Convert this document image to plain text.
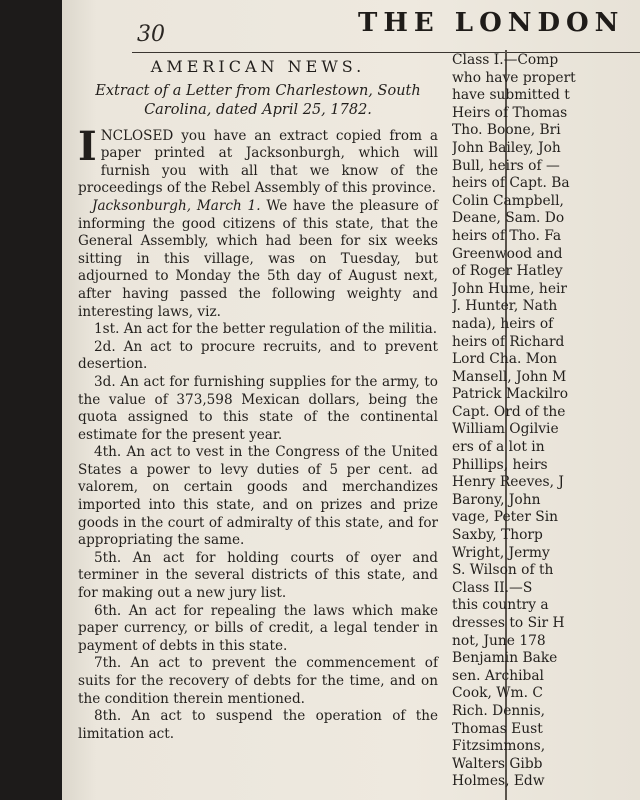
30	THE LONDON
AMERICAN NEWS.
Extract of a Letter from Charlestown, South Carolina, dated April 25, 1782.

I NCLOSED you have an extract copied from a paper printed at Jacksonburgh, which will furnish you with all that we know of the proceedings of the Rebel Assembly of this province.

Jacksonburgh, March 1. We have the pleasure of informing the good citizens of this state, that the General Assembly, which had been for six weeks sitting in this village, was on Tuesday, but adjourned to Monday the 5th day of August next, after having passed the following weighty and interesting laws, viz.

1st. An act for the better regulation of the militia.

2d. An act to procure recruits, and to prevent desertion.

3d. An act for furnishing supplies for the army, to the value of 373,598 Mexican dollars, being the quota assigned to this state of the continental estimate for the present year.

4th. An act to vest in the Congress of the United States a power to levy duties of 5 per cent. ad valorem, on certain goods and merchandizes imported into this state, and on prizes and prize goods in the court of admiralty of this state, and for appropriating the same.

5th. An act for holding courts of oyer and terminer in the several districts of this state, and for making out a new jury list.

6th. An act for repealing the laws which make paper currency, or bills of credit, a legal tender in payment of debts in this state.

7th. An act to prevent the commencement of suits for the recovery of debts for the time, and on the condition therein mentioned.

8th. An act to suspend the operation of the limitation act.

Class I.—Comp
who have propert
have submitted t
Heirs of Thomas
Tho. Boone, Bri
John Bailey, Joh
Bull, heirs of —
heirs of Capt. Ba
Colin Campbell,
Deane, Sam. Do
heirs of Tho. Fa
Greenwood and
of Roger Hatley
John Hume, heir
J. Hunter, Nath
nada), heirs of
heirs of Richard
Lord Cha. Mon
Mansell, John M
Patrick Mackilro
Capt. Ord of the
William Ogilvie
ers of a lot in
Phillips, heirs
Henry Reeves, J
Barony, John
vage, Peter Sin
Saxby, Thorp
Wright, Jermy
S. Wilson of th
Class II.—S
this country a
dresses to Sir H
not, June 178
Benjamin Bake
sen. Archibal
Cook, Wm. C
Rich. Dennis,
Thomas Eust
Fitzsimmons,
Walters Gibb
Holmes, Edw
